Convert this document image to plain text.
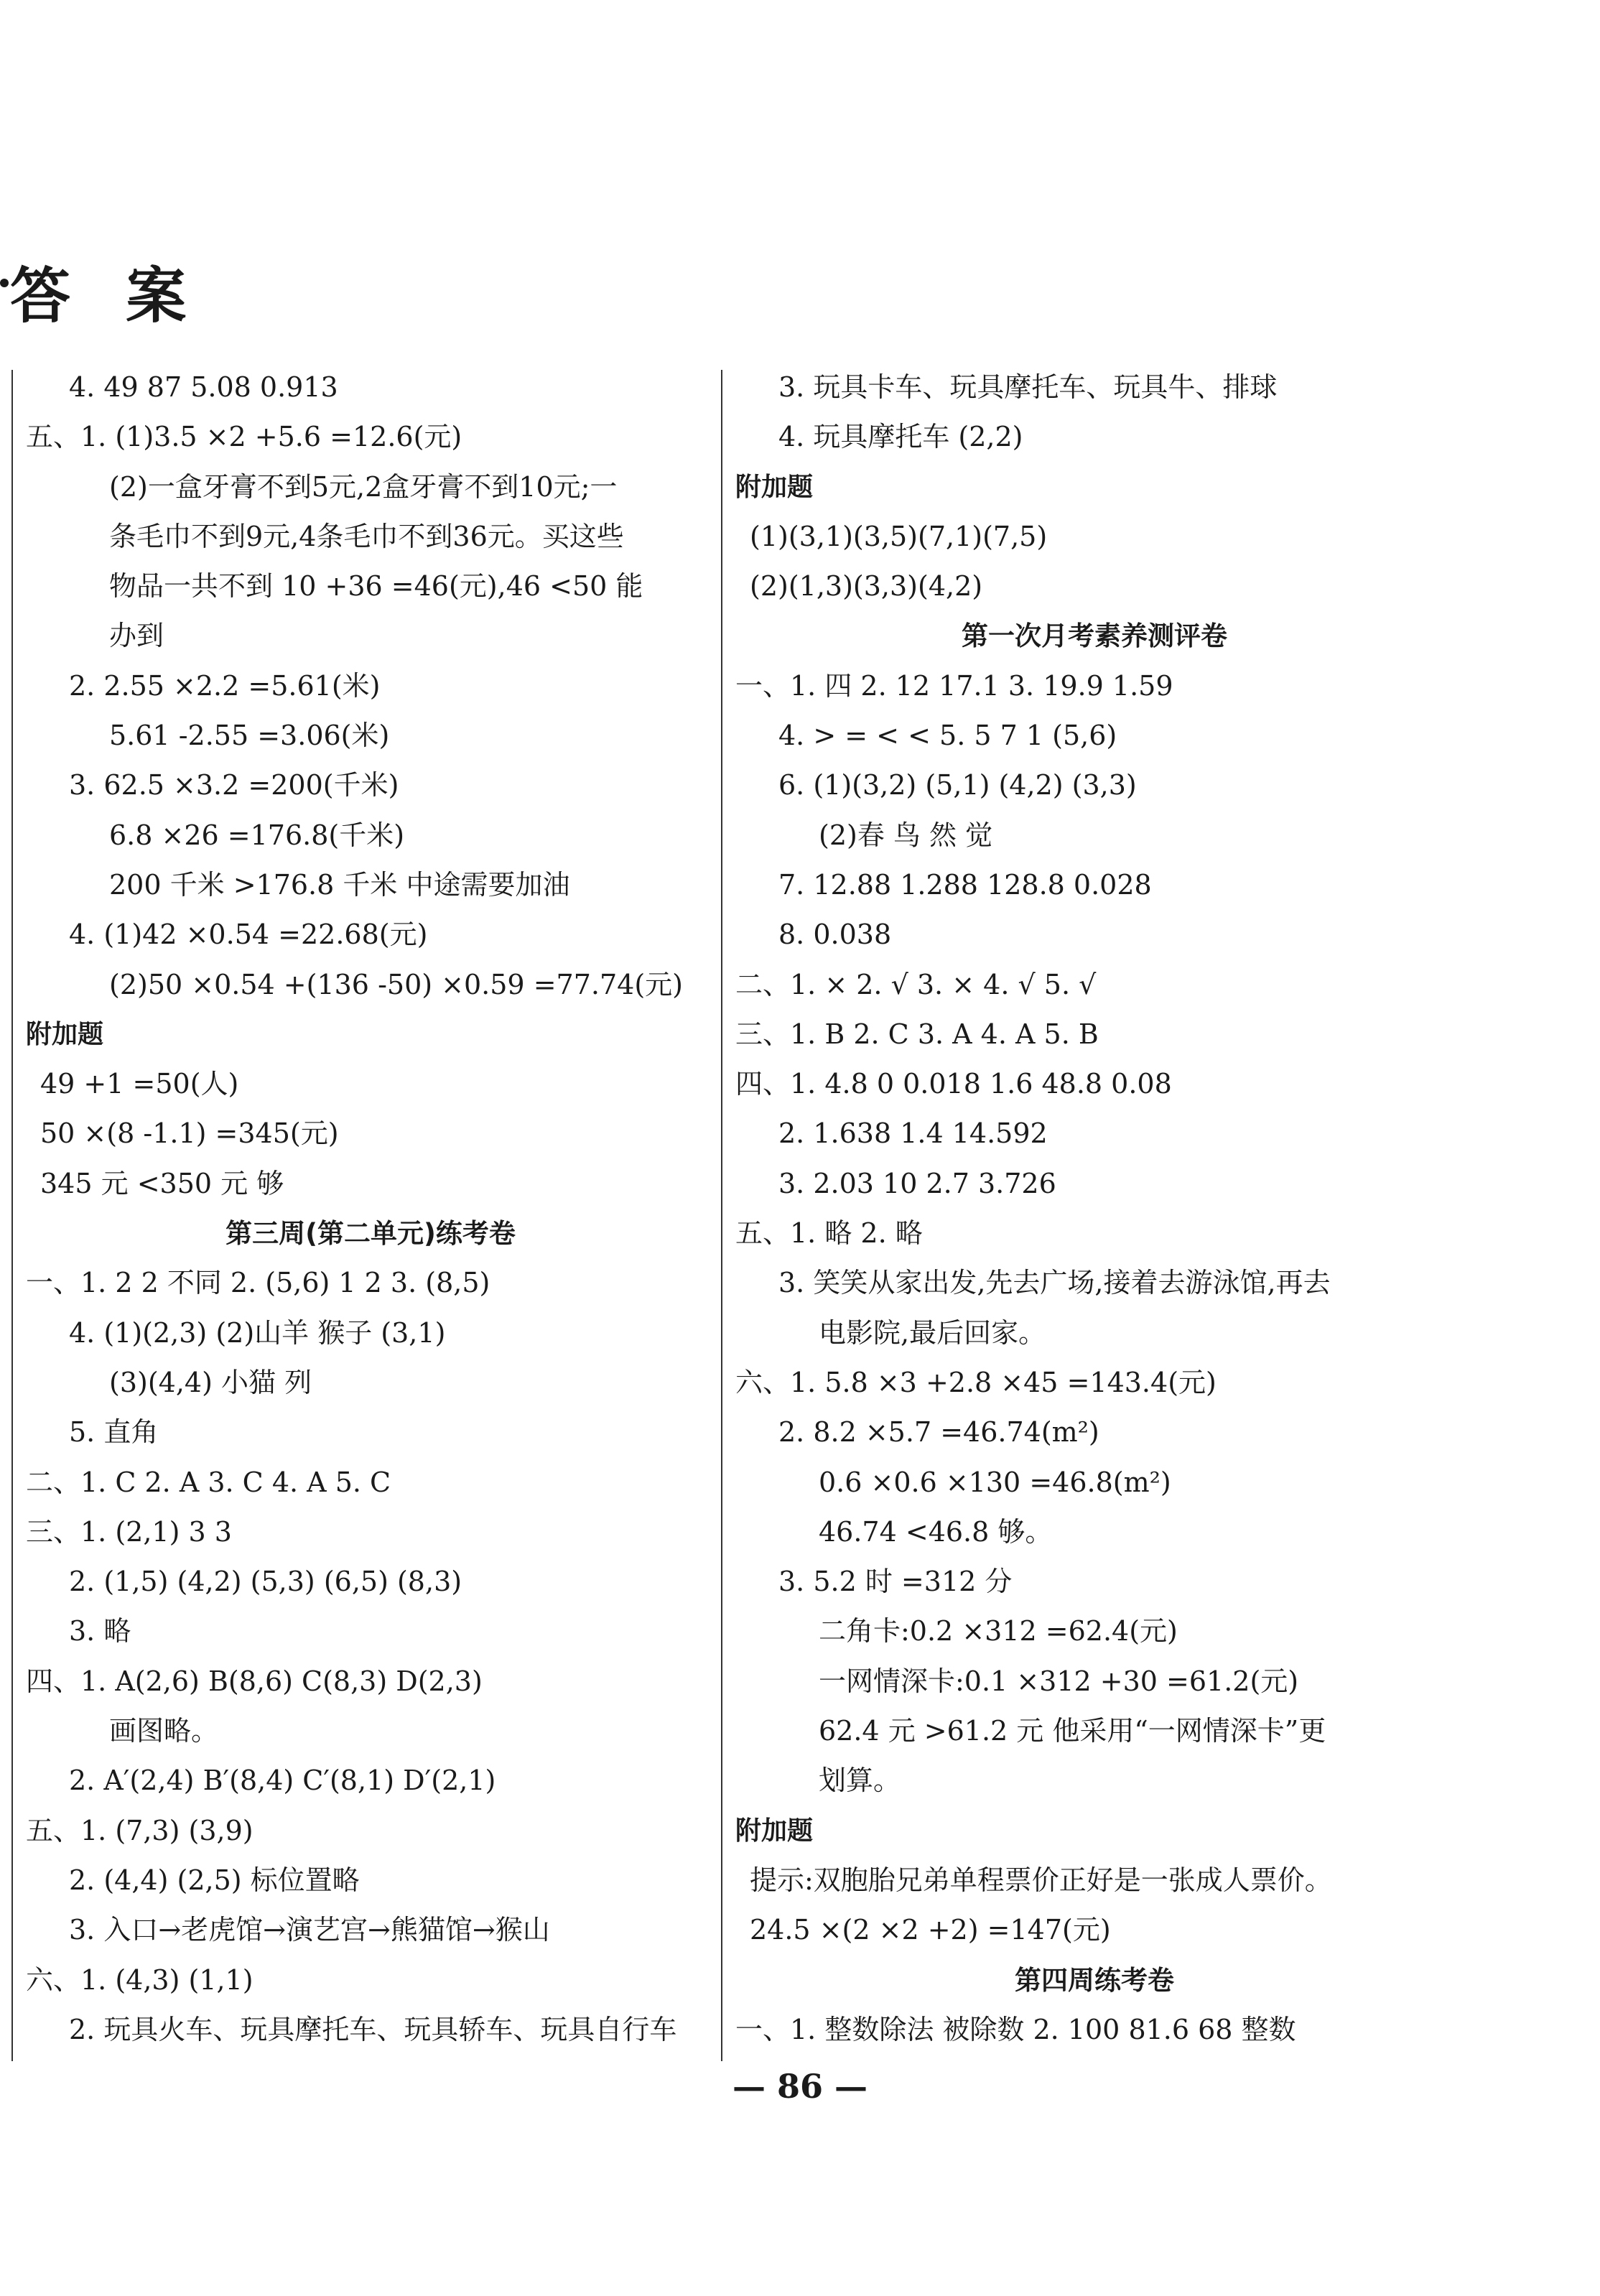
答 案
4. 49 87 5.08 0.913
五、1. (1)3.5 ×2 +5.6 =12.6(元)
(2)一盒牙膏不到5元,2盒牙膏不到10元;一
条毛巾不到9元,4条毛巾不到36元。买这些
物品一共不到 10 +36 =46(元),46 <50 能
办到
2. 2.55 ×2.2 =5.61(米)
5.61 -2.55 =3.06(米)
3. 62.5 ×3.2 =200(千米)
6.8 ×26 =176.8(千米)
200 千米 >176.8 千米 中途需要加油
4. (1)42 ×0.54 =22.68(元)
(2)50 ×0.54 +(136 -50) ×0.59 =77.74(元)
附加题
49 +1 =50(人)
50 ×(8 -1.1) =345(元)
345 元 <350 元 够
第三周(第二单元)练考卷
一、1. 2 2 不同 2. (5,6) 1 2 3. (8,5)
4. (1)(2,3) (2)山羊 猴子 (3,1)
(3)(4,4) 小猫 列
5. 直角
二、1. C 2. A 3. C 4. A 5. C
三、1. (2,1) 3 3
2. (1,5) (4,2) (5,3) (6,5) (8,3)
3. 略
四、1. A(2,6) B(8,6) C(8,3) D(2,3)
画图略。
2. A′(2,4) B′(8,4) C′(8,1) D′(2,1)
五、1. (7,3) (3,9)
2. (4,4) (2,5) 标位置略
3. 入口→老虎馆→演艺宫→熊猫馆→猴山
六、1. (4,3) (1,1)
2. 玩具火车、玩具摩托车、玩具轿车、玩具自行车
3. 玩具卡车、玩具摩托车、玩具牛、排球
4. 玩具摩托车 (2,2)
附加题
(1)(3,1)(3,5)(7,1)(7,5)
(2)(1,3)(3,3)(4,2)
第一次月考素养测评卷
一、1. 四 2. 12 17.1 3. 19.9 1.59
4. > = < < 5. 5 7 1 (5,6)
6. (1)(3,2) (5,1) (4,2) (3,3)
(2)春 鸟 然 觉
7. 12.88 1.288 128.8 0.028
8. 0.038
二、1. × 2. √ 3. × 4. √ 5. √
三、1. B 2. C 3. A 4. A 5. B
四、1. 4.8 0 0.018 1.6 48.8 0.08
2. 1.638 1.4 14.592
3. 2.03 10 2.7 3.726
五、1. 略 2. 略
3. 笑笑从家出发,先去广场,接着去游泳馆,再去
电影院,最后回家。
六、1. 5.8 ×3 +2.8 ×45 =143.4(元)
2. 8.2 ×5.7 =46.74(m²)
0.6 ×0.6 ×130 =46.8(m²)
46.74 <46.8 够。
3. 5.2 时 =312 分
二角卡:0.2 ×312 =62.4(元)
一网情深卡:0.1 ×312 +30 =61.2(元)
62.4 元 >61.2 元 他采用“一网情深卡”更
划算。
附加题
提示:双胞胎兄弟单程票价正好是一张成人票价。
24.5 ×(2 ×2 +2) =147(元)
第四周练考卷
一、1. 整数除法 被除数 2. 100 81.6 68 整数
— 86 —
